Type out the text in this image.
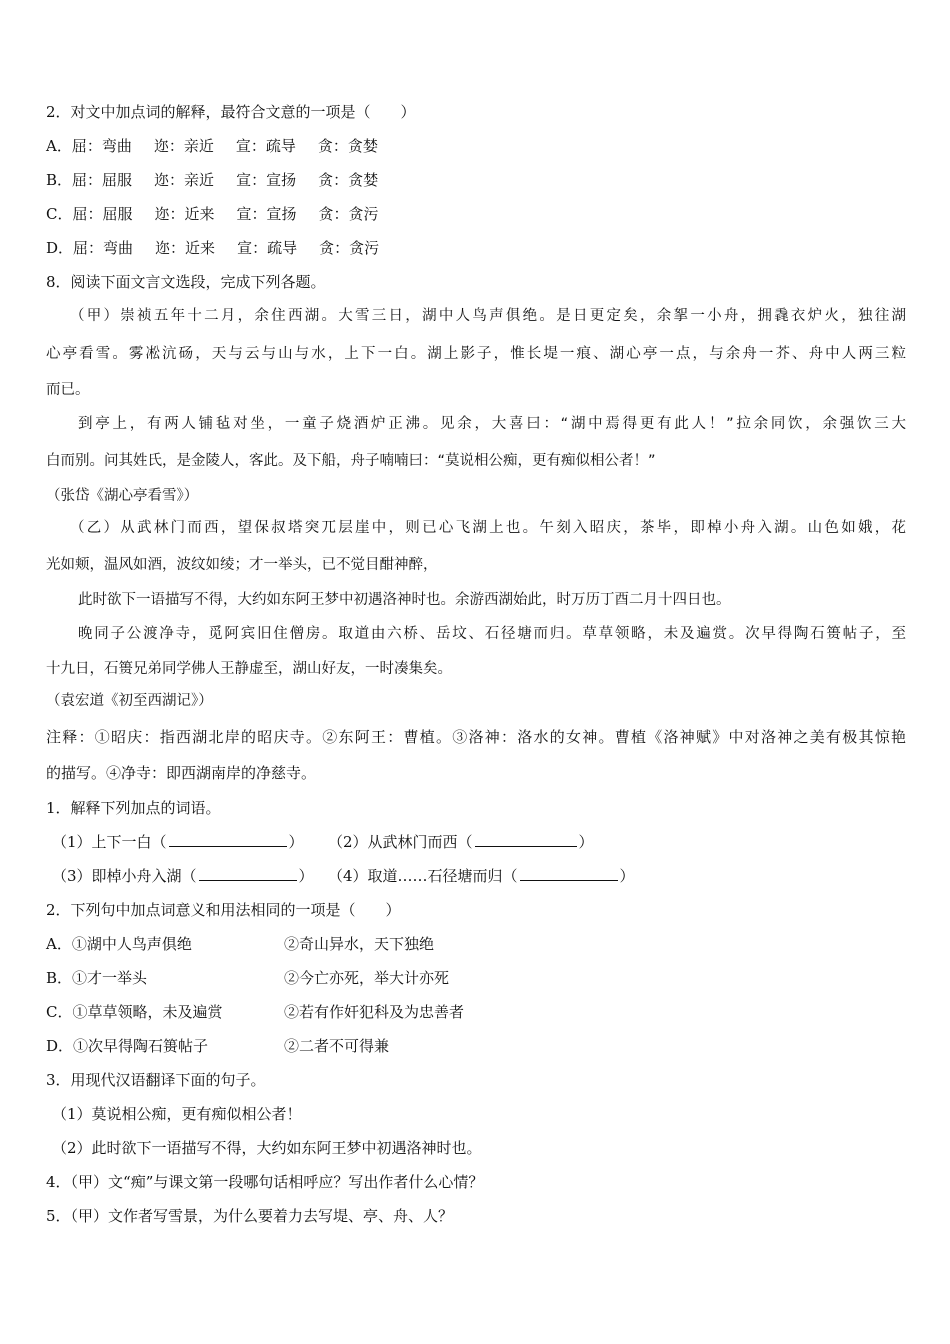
2．对文中加点词的解释，最符合文意的一项是（　　）
A．屈：弯曲 迩：亲近 宣：疏导 贪：贪婪
B．屈：屈服 迩：亲近 宣：宣扬 贪：贪婪
C．屈：屈服 迩：近来 宣：宣扬 贪：贪污
D．屈：弯曲 迩：近来 宣：疏导 贪：贪污
8．阅读下面文言文选段，完成下列各题。
（甲）崇祯五年十二月，余住西湖。大雪三日，湖中人鸟声俱绝。是日更定矣，余挐一小舟，拥毳衣炉火，独往湖
心亭看雪。雾凇沆砀，天与云与山与水，上下一白。湖上影子，惟长堤一痕、湖心亭一点，与余舟一芥、舟中人两三粒
而已。
到亭上，有两人铺毡对坐，一童子烧酒炉正沸。见余，大喜曰：“湖中焉得更有此人！”拉余同饮，余强饮三大
白而别。问其姓氏，是金陵人，客此。及下船，舟子喃喃曰：“莫说相公痴，更有痴似相公者！”
（张岱《湖心亭看雪》）
（乙）从武林门而西，望保叔塔突兀层崖中，则已心飞湖上也。午刻入昭庆，茶毕，即棹小舟入湖。山色如娥，花
光如颊，温风如酒，波纹如绫；才一举头，已不觉目酣神醉，
此时欲下一语描写不得，大约如东阿王梦中初遇洛神时也。余游西湖始此，时万历丁酉二月十四日也。
晚同子公渡净寺，觅阿宾旧住僧房。取道由六桥、岳坟、石径塘而归。草草领略，未及遍赏。次早得陶石篑帖子，至
十九日，石篑兄弟同学佛人王静虚至，湖山好友，一时凑集矣。
（袁宏道《初至西湖记》）
注释：①昭庆：指西湖北岸的昭庆寺。②东阿王：曹植。③洛神：洛水的女神。曹植《洛神赋》中对洛神之美有极其惊艳
的描写。④净寺：即西湖南岸的净慈寺。
1．解释下列加点的词语。
（1）上下一白（	）	（2）从武林门而西（	）
（3）即棹小舟入湖（	） （4）取道……石径塘而归（	）
2．下列句中加点词意义和用法相同的一项是（　　）
A．①湖中人鸟声俱绝	②奇山异水，天下独绝
B．①才一举头	②今亡亦死，举大计亦死
C．①草草领略，未及遍赏	②若有作奸犯科及为忠善者
D．①次早得陶石篑帖子	②二者不可得兼
3．用现代汉语翻译下面的句子。
（1）莫说相公痴，更有痴似相公者！
（2）此时欲下一语描写不得，大约如东阿王梦中初遇洛神时也。
4．（甲）文“痴”与课文第一段哪句话相呼应？写出作者什么心情？
5．（甲）文作者写雪景，为什么要着力去写堤、亭、舟、人？
